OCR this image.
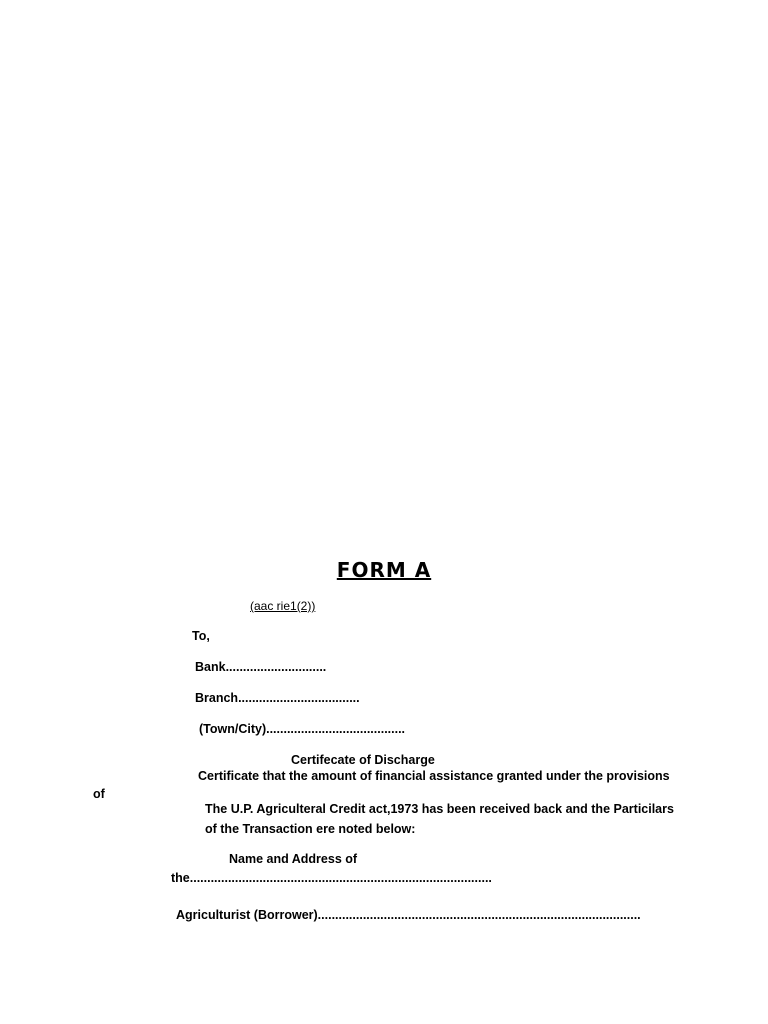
FORM A
(aac rie1(2))
To,
Bank.............................
Branch...................................
(Town/City)........................................
Certifecate of Discharge
Certificate that the amount of financial assistance granted under the provisions
of
The U.P. Agriculteral Credit act,1973 has been received back and the Particilars
of the Transaction ere noted below:
Name and Address of
the.......................................................................................
Agriculturist (Borrower).............................................................................................
